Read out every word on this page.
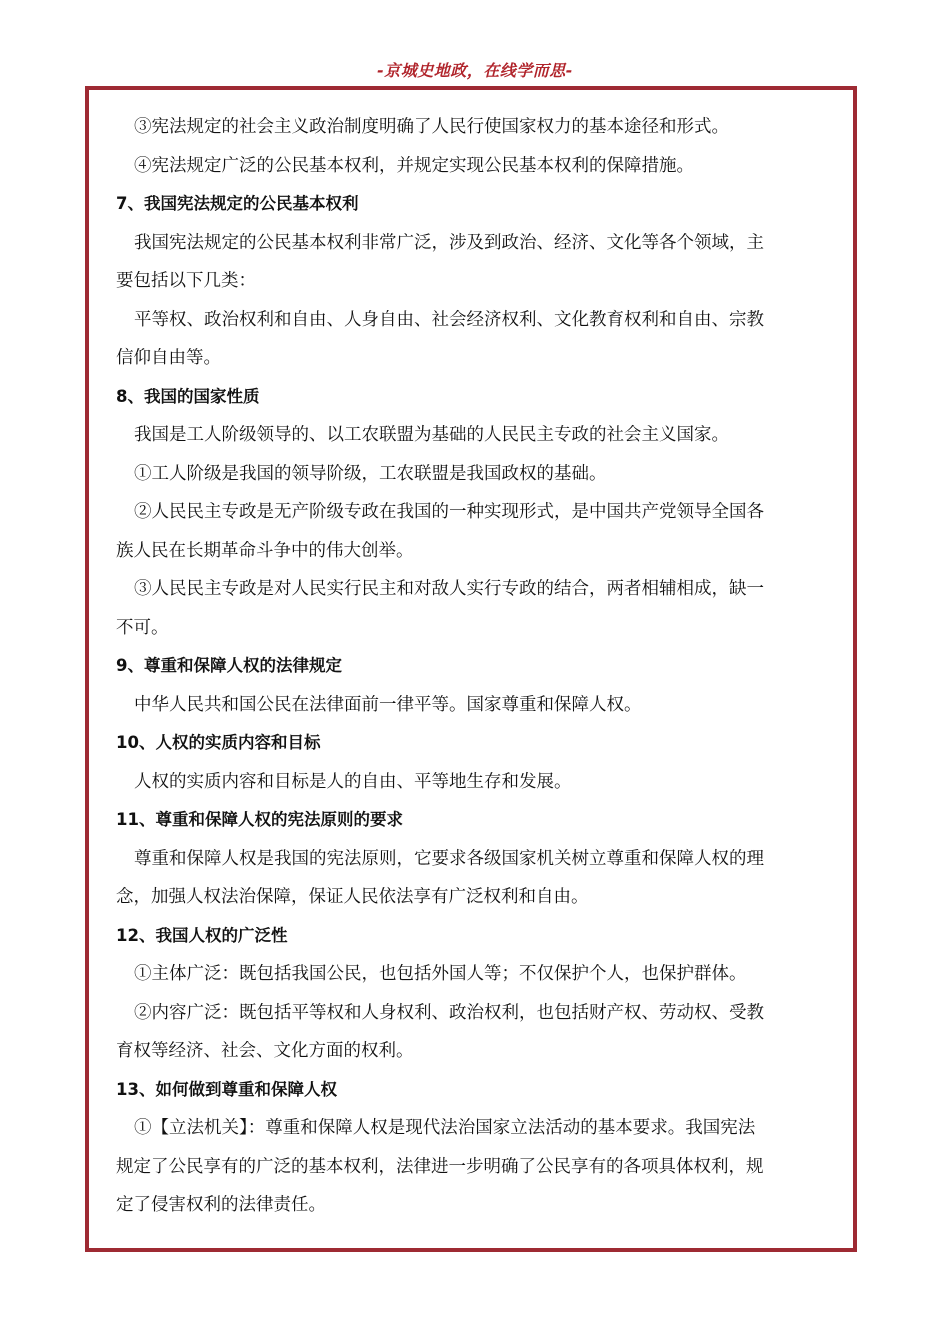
-京城史地政，在线学而思-
③宪法规定的社会主义政治制度明确了人民行使国家权力的基本途径和形式。
④宪法规定广泛的公民基本权利，并规定实现公民基本权利的保障措施。
7、我国宪法规定的公民基本权利
我国宪法规定的公民基本权利非常广泛，涉及到政治、经济、文化等各个领域，主
要包括以下几类：
平等权、政治权利和自由、人身自由、社会经济权利、文化教育权利和自由、宗教
信仰自由等。
8、我国的国家性质
我国是工人阶级领导的、以工农联盟为基础的人民民主专政的社会主义国家。
①工人阶级是我国的领导阶级，工农联盟是我国政权的基础。
②人民民主专政是无产阶级专政在我国的一种实现形式，是中国共产党领导全国各
族人民在长期革命斗争中的伟大创举。
③人民民主专政是对人民实行民主和对敌人实行专政的结合，两者相辅相成，缺一
不可。
9、尊重和保障人权的法律规定
中华人民共和国公民在法律面前一律平等。国家尊重和保障人权。
10、人权的实质内容和目标
人权的实质内容和目标是人的自由、平等地生存和发展。
11、尊重和保障人权的宪法原则的要求
尊重和保障人权是我国的宪法原则，它要求各级国家机关树立尊重和保障人权的理
念，加强人权法治保障，保证人民依法享有广泛权利和自由。
12、我国人权的广泛性
①主体广泛：既包括我国公民，也包括外国人等；不仅保护个人，也保护群体。
②内容广泛：既包括平等权和人身权利、政治权利，也包括财产权、劳动权、受教
育权等经济、社会、文化方面的权利。
13、如何做到尊重和保障人权
①【立法机关】：尊重和保障人权是现代法治国家立法活动的基本要求。我国宪法
规定了公民享有的广泛的基本权利，法律进一步明确了公民享有的各项具体权利，规
定了侵害权利的法律责任。
